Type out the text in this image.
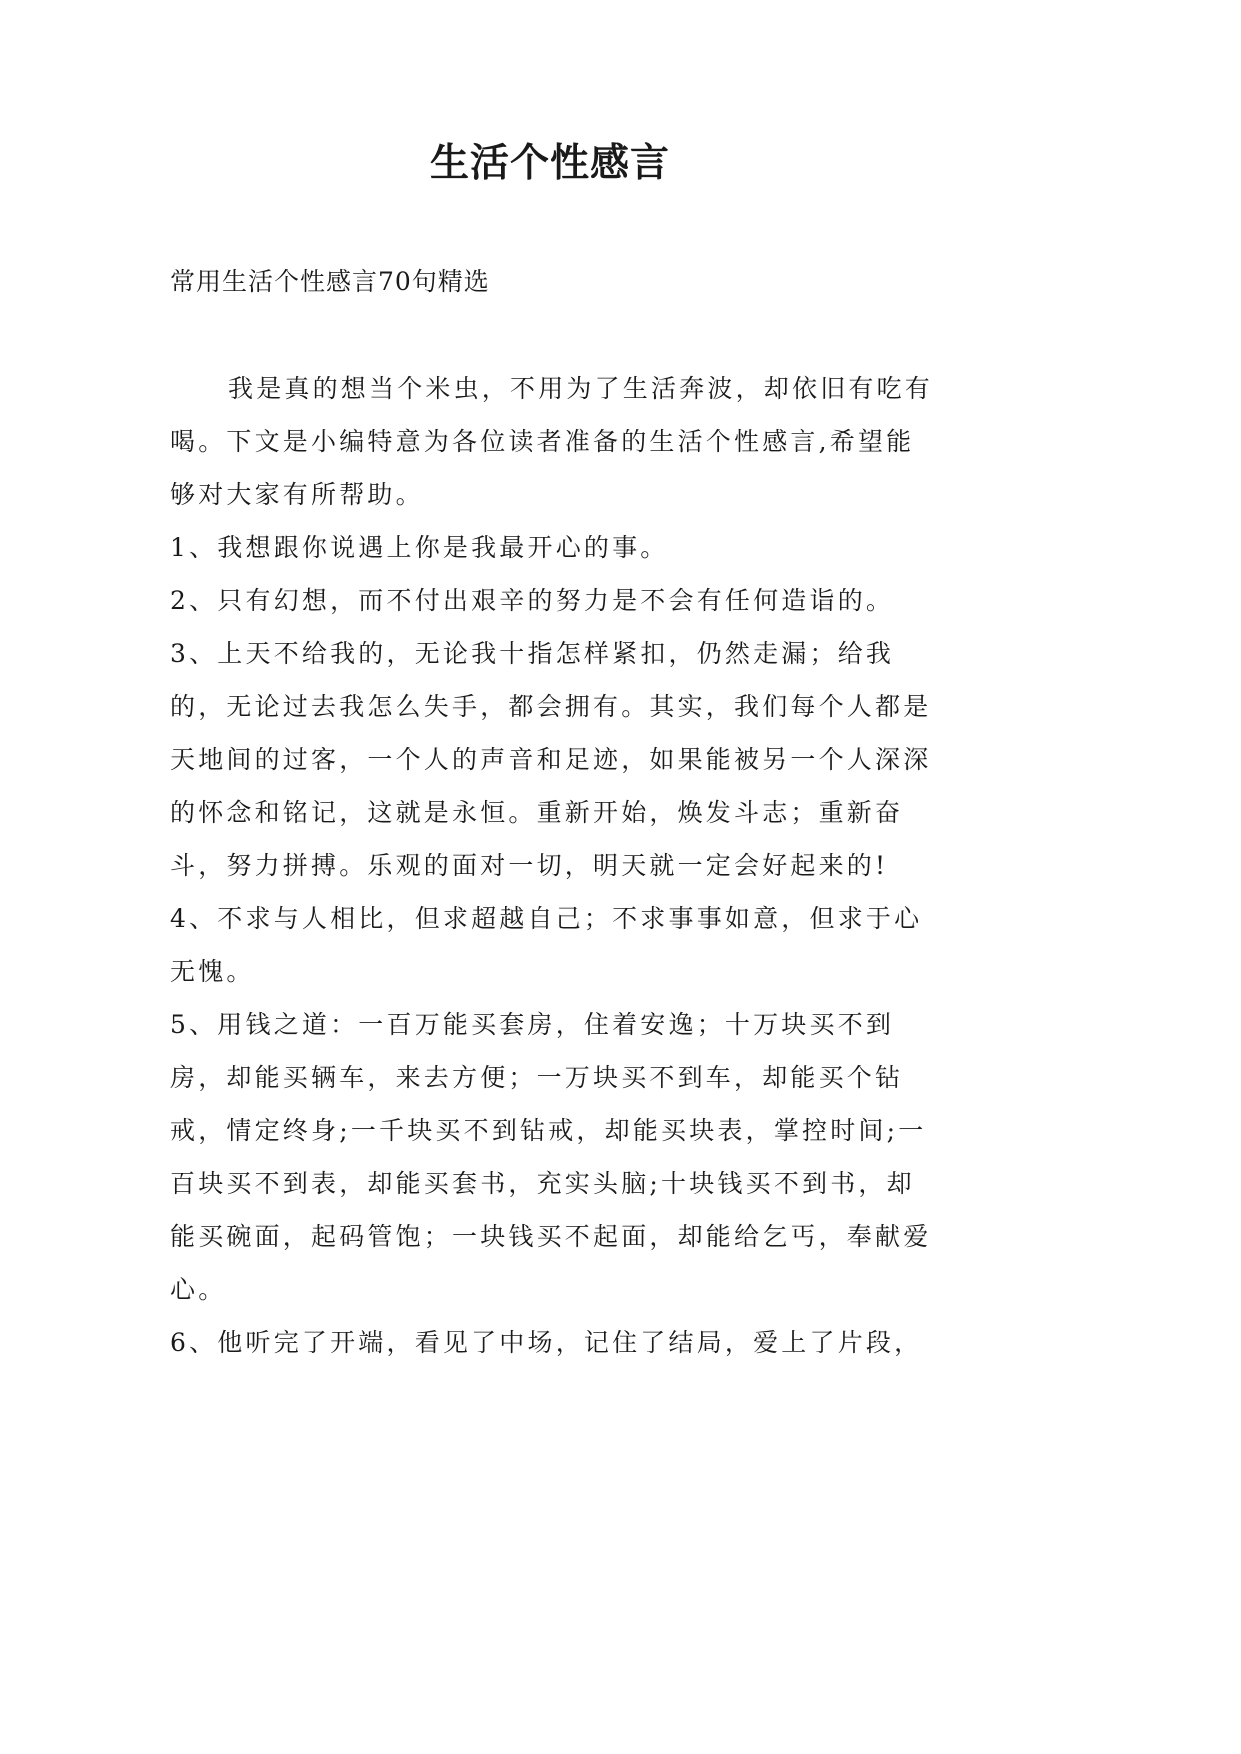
生活个性感言
常用生活个性感言70句精选

我是真的想当个米虫，不用为了生活奔波，却依旧有吃有喝。下文是小编特意为各位读者准备的生活个性感言,希望能够对大家有所帮助。

1、我想跟你说遇上你是我最开心的事。

2、只有幻想，而不付出艰辛的努力是不会有任何造诣的。

3、上天不给我的，无论我十指怎样紧扣，仍然走漏；给我的，无论过去我怎么失手，都会拥有。其实，我们每个人都是天地间的过客，一个人的声音和足迹，如果能被另一个人深深的怀念和铭记，这就是永恒。重新开始，焕发斗志；重新奋斗，努力拼搏。乐观的面对一切，明天就一定会好起来的!

4、不求与人相比，但求超越自己；不求事事如意，但求于心无愧。

5、用钱之道：一百万能买套房，住着安逸；十万块买不到房，却能买辆车，来去方便；一万块买不到车，却能买个钻戒，情定终身;一千块买不到钻戒，却能买块表，掌控时间;一百块买不到表，却能买套书，充实头脑;十块钱买不到书，却能买碗面，起码管饱；一块钱买不起面，却能给乞丐，奉献爱心。

6、他听完了开端，看见了中场，记住了结局，爱上了片段，
